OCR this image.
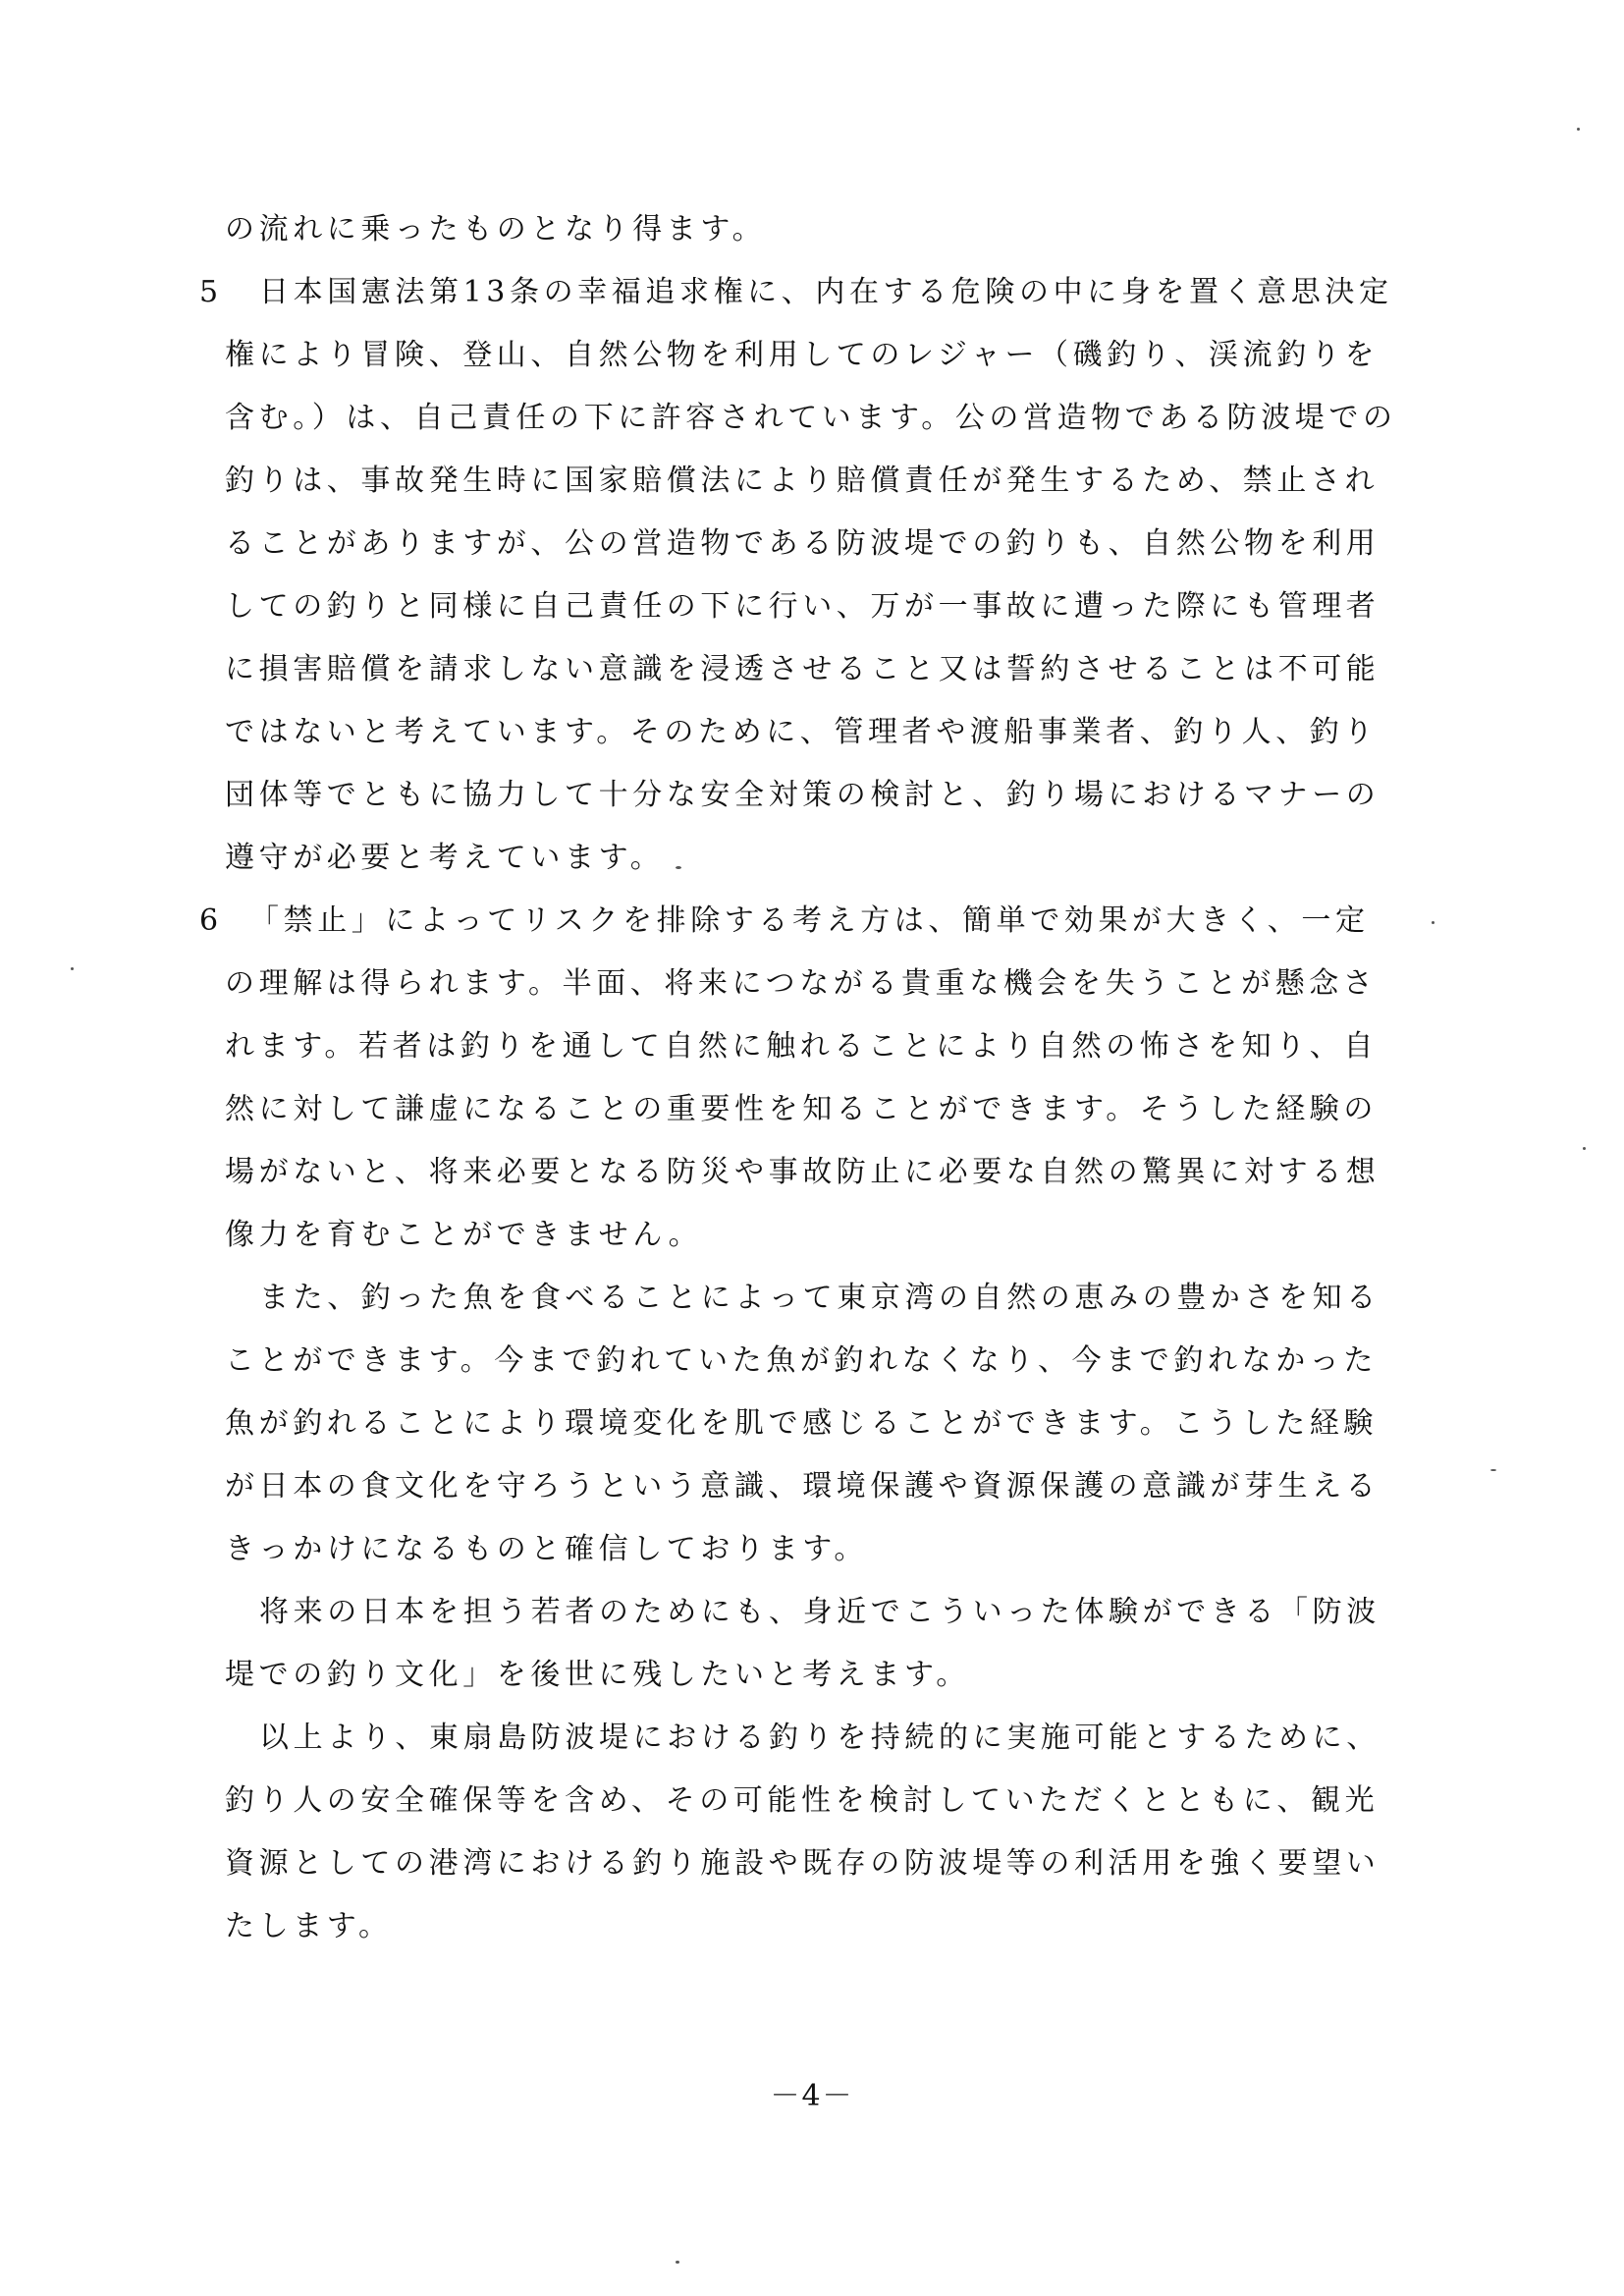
の流れに乗ったものとなり得ます。
5 日本国憲法第13条の幸福追求権に、内在する危険の中に身を置く意思決定
権により冒険、登山、自然公物を利用してのレジャー（磯釣り、渓流釣りを
含む。）は、自己責任の下に許容されています。公の営造物である防波堤での
釣りは、事故発生時に国家賠償法により賠償責任が発生するため、禁止され
ることがありますが、公の営造物である防波堤での釣りも、自然公物を利用
しての釣りと同様に自己責任の下に行い、万が一事故に遭った際にも管理者
に損害賠償を請求しない意識を浸透させること又は誓約させることは不可能
ではないと考えています。そのために、管理者や渡船事業者、釣り人、釣り
団体等でともに協力して十分な安全対策の検討と、釣り場におけるマナーの
遵守が必要と考えています。
6 「禁止」によってリスクを排除する考え方は、簡単で効果が大きく、一定
の理解は得られます。半面、将来につながる貴重な機会を失うことが懸念さ
れます。若者は釣りを通して自然に触れることにより自然の怖さを知り、自
然に対して謙虚になることの重要性を知ることができます。そうした経験の
場がないと、将来必要となる防災や事故防止に必要な自然の驚異に対する想
像力を育むことができません。
また、釣った魚を食べることによって東京湾の自然の恵みの豊かさを知る
ことができます。今まで釣れていた魚が釣れなくなり、今まで釣れなかった
魚が釣れることにより環境変化を肌で感じることができます。こうした経験
が日本の食文化を守ろうという意識、環境保護や資源保護の意識が芽生える
きっかけになるものと確信しております。
将来の日本を担う若者のためにも、身近でこういった体験ができる「防波
堤での釣り文化」を後世に残したいと考えます。
以上より、東扇島防波堤における釣りを持続的に実施可能とするために、
釣り人の安全確保等を含め、その可能性を検討していただくとともに、観光
資源としての港湾における釣り施設や既存の防波堤等の利活用を強く要望い
たします。
－4－
